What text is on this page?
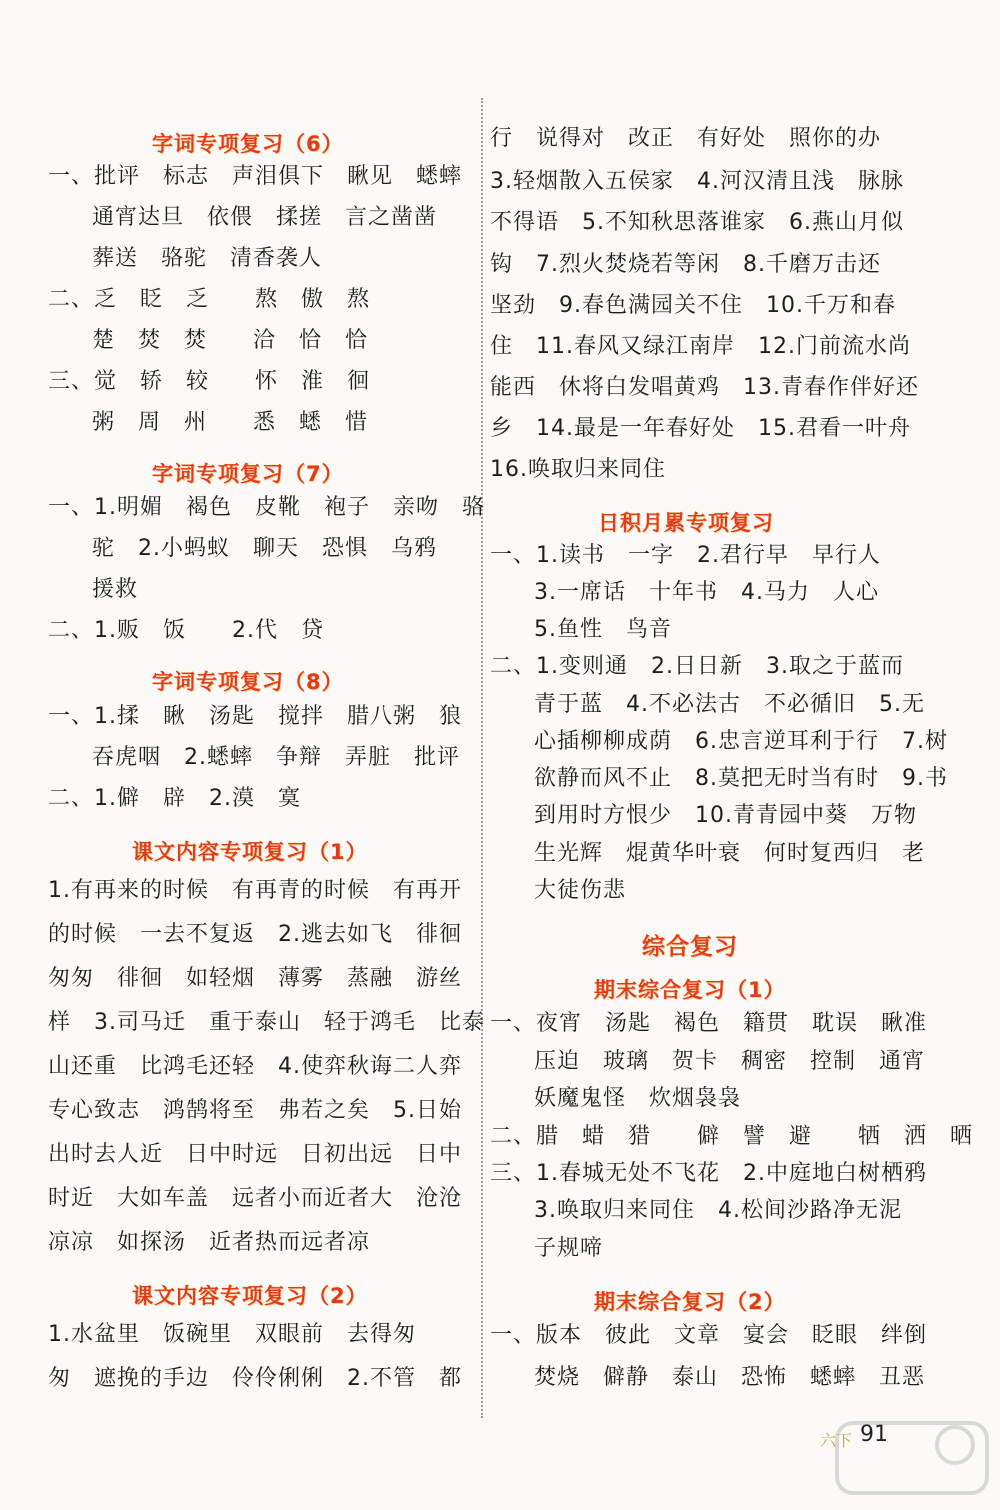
字词专项复习（6）
一、批评　标志　声泪俱下　瞅见　蟋蟀
通宵达旦　依偎　揉搓　言之凿凿
葬送　骆驼　清香袭人
二、乏　眨　乏　　熬　傲　熬
楚　焚　焚　　洽　恰　恰
三、觉　轿　较　　怀　淮　徊
粥　周　州　　悉　蟋　惜
字词专项复习（7）
一、1.明媚　褐色　皮靴　袍子　亲吻　骆
驼　2.小蚂蚁　聊天　恐惧　乌鸦
援救
二、1.贩　饭　　2.代　贷
字词专项复习（8）
一、1.揉　瞅　汤匙　搅拌　腊八粥　狼
吞虎咽　2.蟋蟀　争辩　弄脏　批评
二、1.僻　辟　2.漠　寞
课文内容专项复习（1）
1.有再来的时候　有再青的时候　有再开
的时候　一去不复返　2.逃去如飞　徘徊
匆匆　徘徊　如轻烟　薄雾　蒸融　游丝
样　3.司马迁　重于泰山　轻于鸿毛　比泰
山还重　比鸿毛还轻　4.使弈秋诲二人弈
专心致志　鸿鹄将至　弗若之矣　5.日始
出时去人近　日中时远　日初出远　日中
时近　大如车盖　远者小而近者大　沧沧
凉凉　如探汤　近者热而远者凉
课文内容专项复习（2）
1.水盆里　饭碗里　双眼前　去得匆
匆　遮挽的手边　伶伶俐俐　2.不管　都
行　说得对　改正　有好处　照你的办
3.轻烟散入五侯家　4.河汉清且浅　脉脉
不得语　5.不知秋思落谁家　6.燕山月似
钩　7.烈火焚烧若等闲　8.千磨万击还
坚劲　9.春色满园关不住　10.千万和春
住　11.春风又绿江南岸　12.门前流水尚
能西　休将白发唱黄鸡　13.青春作伴好还
乡　14.最是一年春好处　15.君看一叶舟
16.唤取归来同住
日积月累专项复习
一、1.读书　一字　2.君行早　早行人
3.一席话　十年书　4.马力　人心
5.鱼性　鸟音
二、1.变则通　2.日日新　3.取之于蓝而
青于蓝　4.不必法古　不必循旧　5.无
心插柳柳成荫　6.忠言逆耳利于行　7.树
欲静而风不止　8.莫把无时当有时　9.书
到用时方恨少　10.青青园中葵　万物
生光辉　焜黄华叶衰　何时复西归　老
大徒伤悲
综合复习
期末综合复习（1）
一、夜宵　汤匙　褐色　籍贯　耽误　瞅准
压迫　玻璃　贺卡　稠密　控制　通宵
妖魔鬼怪　炊烟袅袅
二、腊　蜡　猎　　僻　譬　避　　牺　洒　晒
三、1.春城无处不飞花　2.中庭地白树栖鸦
3.唤取归来同住　4.松间沙路净无泥
子规啼
期末综合复习（2）
一、版本　彼此　文章　宴会　眨眼　绊倒
焚烧　僻静　泰山　恐怖　蟋蟀　丑恶
六下 91
